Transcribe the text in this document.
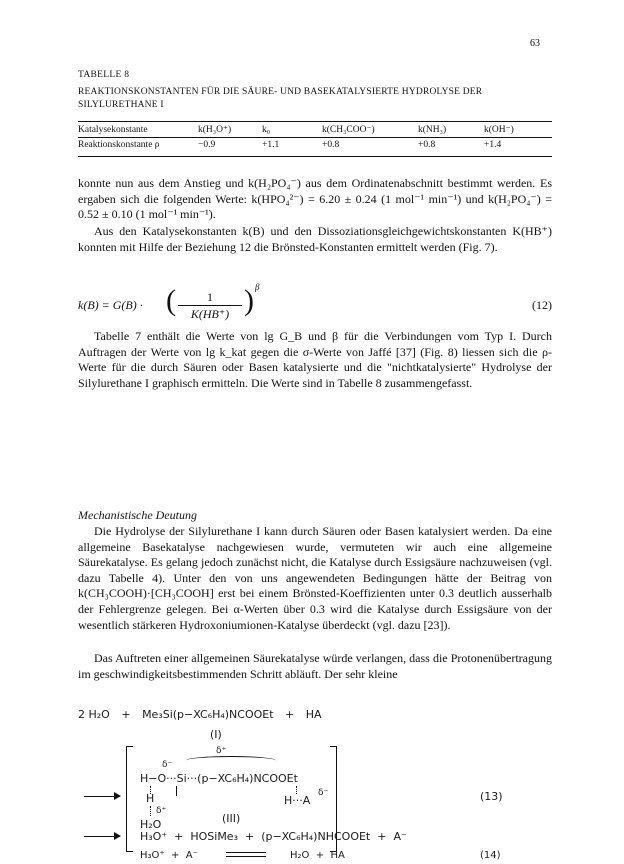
63
TABELLE 8
REAKTIONSKONSTANTEN FÜR DIE SÄURE- UND BASEKATALYSIERTE HYDROLYSE DER SILYLURETHANE I
Katalysekonstante	k(H₃O⁺)	k₀	k(CH₃COO⁻)	k(NH₃)	k(OH⁻)
Reaktionskonstante ρ	−0.9	+1.1	+0.8	+0.8	+1.4
konnte nun aus dem Anstieg und k(H₂PO₄⁻) aus dem Ordinatenabschnitt bestimmt werden. Es ergaben sich die folgenden Werte: k(HPO₄²⁻) = 6.20 ± 0.24 (1 mol⁻¹ min⁻¹) und k(H₂PO₄⁻) = 0.52 ± 0.10 (1 mol⁻¹ min⁻¹).
Aus den Katalysekonstanten k(B) und den Dissoziationsgleichgewichtskonstanten K(HB⁺) konnten mit Hilfe der Beziehung 12 die Brönsted-Konstanten ermittelt werden (Fig. 7).
k(B) = G(B) · (	1
K(HB⁺) ) β
(12)
Tabelle 7 enthält die Werte von lg G_B und β für die Verbindungen vom Typ I. Durch Auftragen der Werte von lg k_kat gegen die σ-Werte von Jaffé [37] (Fig. 8) liessen sich die ρ-Werte für die durch Säuren oder Basen katalysierte und die "nichtkatalysierte" Hydrolyse der Silylurethane I graphisch ermitteln. Die Werte sind in Tabelle 8 zusammengefasst.
Mechanistische Deutung
Die Hydrolyse der Silylurethane I kann durch Säuren oder Basen katalysiert werden. Da eine allgemeine Basekatalyse nachgewiesen wurde, vermuteten wir auch eine allgemeine Säurekatalyse. Es gelang jedoch zunächst nicht, die Katalyse durch Essigsäure nachzuweisen (vgl. dazu Tabelle 4). Unter den von uns angewendeten Bedingungen hätte der Beitrag von k(CH₃COOH)·[CH₃COOH] erst bei einem Brönsted-Koeffizienten unter 0.3 deutlich ausserhalb der Fehlergrenze gelegen. Bei α-Werten über 0.3 wird die Katalyse durch Essigsäure von der wesentlich stärkeren Hydroxoniumionen-Katalyse überdeckt (vgl. dazu [23]).
Das Auftreten einer allgemeinen Säurekatalyse würde verlangen, dass die Protonenübertragung im geschwindigkeitsbestimmenden Schritt abläuft. Der sehr kleine
2 H₂O + Me₃Si(p−XC₆H₄)NCOOEt + HA
(I)
δ⁺
δ⁻
H−O···Si···(p−XC₆H₄)NCOOEt
H	H···A
δ⁻
δ⁺
(III)
H₂O
(13)
H₃O⁺  +  HOSiMe₃  +  (p−XC₆H₄)NHCOOEt  +  A⁻
H₃O⁺  +  A⁻	H₂O  +  HA	(14)
